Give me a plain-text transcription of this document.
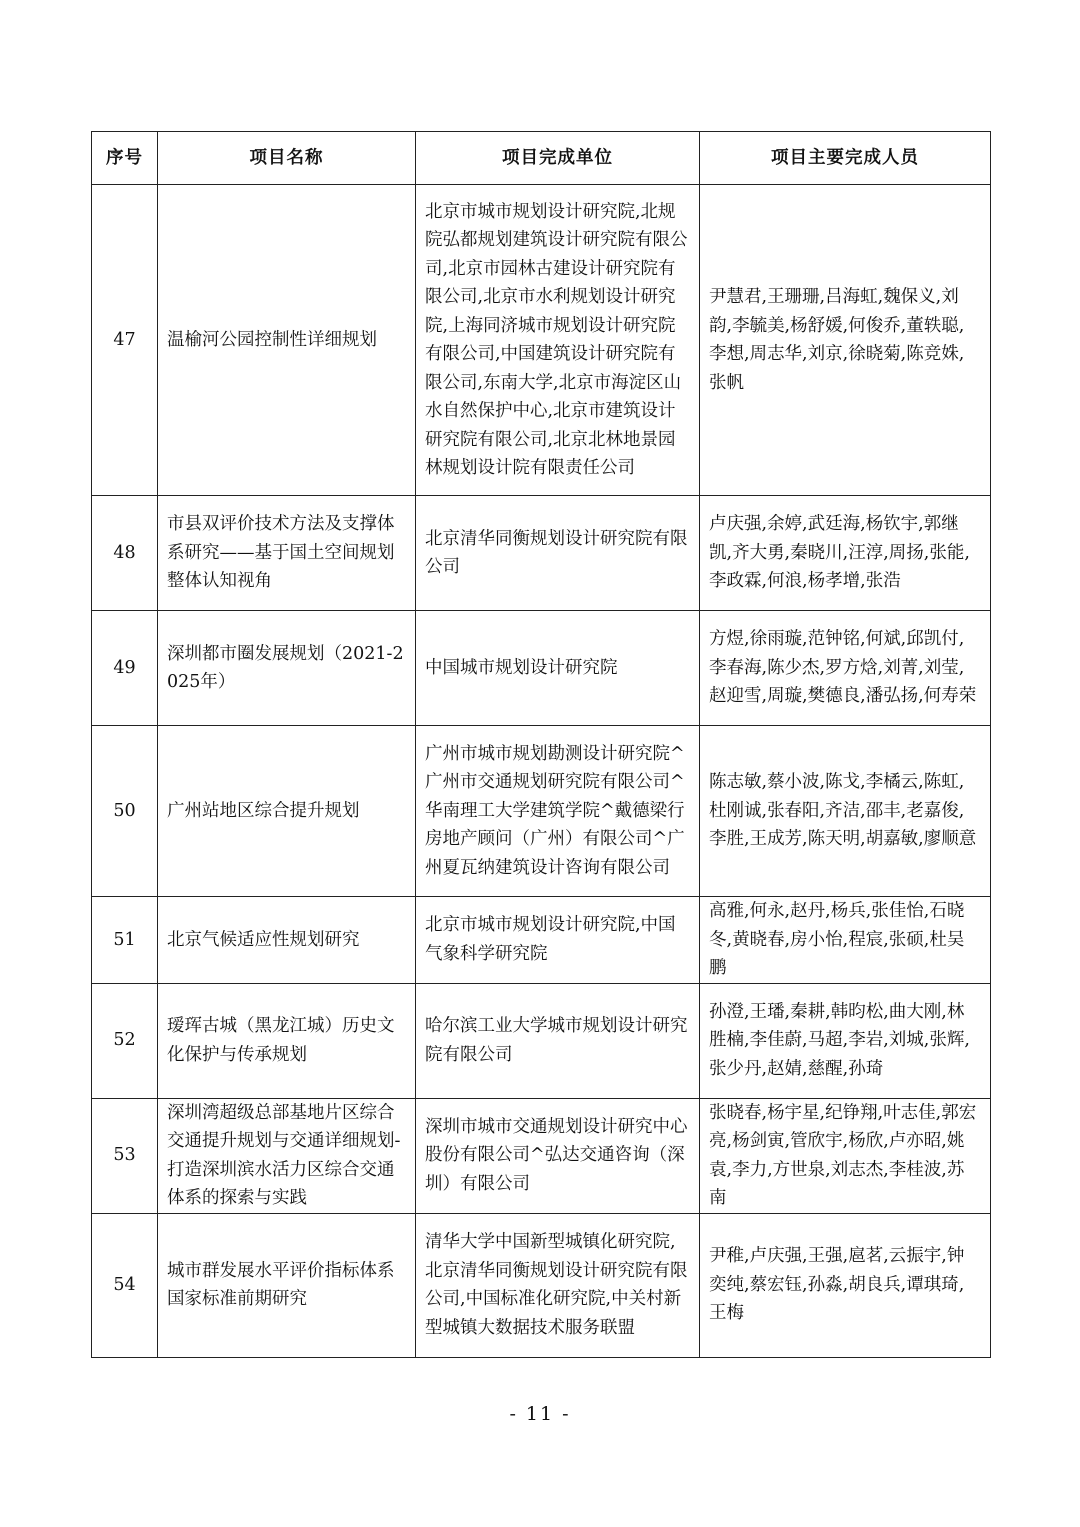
序号	项目名称	项目完成单位	项目主要完成人员
47	温榆河公园控制性详细规划	北京市城市规划设计研究院,北规院弘都规划建筑设计研究院有限公司,北京市园林古建设计研究院有限公司,北京市水利规划设计研究院,上海同济城市规划设计研究院有限公司,中国建筑设计研究院有限公司,东南大学,北京市海淀区山水自然保护中心,北京市建筑设计研究院有限公司,北京北林地景园林规划设计院有限责任公司	尹慧君,王珊珊,吕海虹,魏保义,刘韵,李毓美,杨舒媛,何俊乔,董轶聪,李想,周志华,刘京,徐晓菊,陈竞姝,张帆
48	市县双评价技术方法及支撑体系研究——基于国土空间规划整体认知视角	北京清华同衡规划设计研究院有限公司	卢庆强,余婷,武廷海,杨钦宇,郭继凯,齐大勇,秦晓川,汪淳,周扬,张能,李政霖,何浪,杨孝增,张浩
49	深圳都市圈发展规划（2021-2025年）	中国城市规划设计研究院	方煜,徐雨璇,范钟铭,何斌,邱凯付,李春海,陈少杰,罗方焓,刘菁,刘莹,赵迎雪,周璇,樊德良,潘弘扬,何寿荣
50	广州站地区综合提升规划	广州市城市规划勘测设计研究院^广州市交通规划研究院有限公司^华南理工大学建筑学院^戴德梁行房地产顾问（广州）有限公司^广州夏瓦纳建筑设计咨询有限公司	陈志敏,蔡小波,陈戈,李橘云,陈虹,杜刚诚,张春阳,齐洁,邵丰,老嘉俊,李胜,王成芳,陈天明,胡嘉敏,廖顺意
51	北京气候适应性规划研究	北京市城市规划设计研究院,中国气象科学研究院	高雅,何永,赵丹,杨兵,张佳怡,石晓冬,黄晓春,房小怡,程宸,张硕,杜吴鹏
52	瑷珲古城（黑龙江城）历史文化保护与传承规划	哈尔滨工业大学城市规划设计研究院有限公司	孙澄,王璠,秦耕,韩昀松,曲大刚,林胜楠,李佳蔚,马超,李岩,刘城,张辉,张少丹,赵婧,慈醒,孙琦
53	深圳湾超级总部基地片区综合交通提升规划与交通详细规划-打造深圳滨水活力区综合交通体系的探索与实践	深圳市城市交通规划设计研究中心股份有限公司^弘达交通咨询（深圳）有限公司	张晓春,杨宇星,纪铮翔,叶志佳,郭宏亮,杨剑寅,管欣宇,杨欣,卢亦昭,姚袁,李力,方世泉,刘志杰,李桂波,苏南
54	城市群发展水平评价指标体系国家标准前期研究	清华大学中国新型城镇化研究院,北京清华同衡规划设计研究院有限公司,中国标准化研究院,中关村新型城镇大数据技术服务联盟	尹稚,卢庆强,王强,扈茗,云振宇,钟奕纯,蔡宏钰,孙淼,胡良兵,谭琪琦,王梅
- 11 -
